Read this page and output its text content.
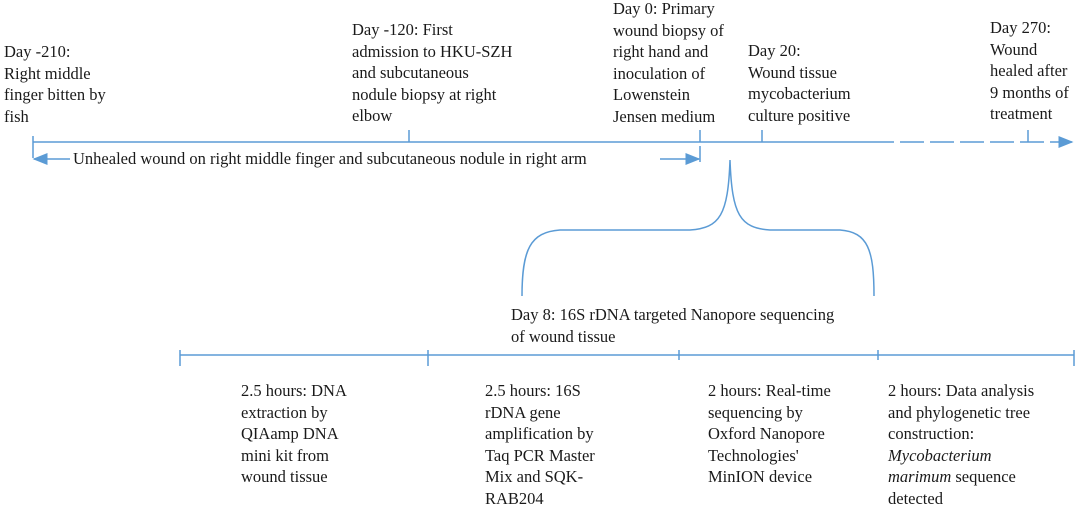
Day -210:
Right middle
finger bitten by
fish
Day -120: First
admission to HKU-SZH
and subcutaneous
nodule biopsy at right
elbow
Day 0: Primary
wound biopsy of
right hand and
inoculation of
Lowenstein
Jensen medium
Day 20:
Wound tissue
mycobacterium
culture positive
Day 270:
Wound
healed after
9 months of
treatment
Unhealed wound on right middle finger and subcutaneous nodule in right arm
Day 8: 16S rDNA targeted Nanopore sequencing
of wound tissue
2.5 hours: DNA
extraction by
QIAamp DNA
mini kit from
wound tissue
2.5 hours: 16S
rDNA gene
amplification by
Taq PCR Master
Mix and SQK-
RAB204
2 hours: Real-time
sequencing by
Oxford Nanopore
Technologies'
MinION device
2 hours: Data analysis
and phylogenetic tree
construction:
Mycobacterium
marimum sequence
detected
